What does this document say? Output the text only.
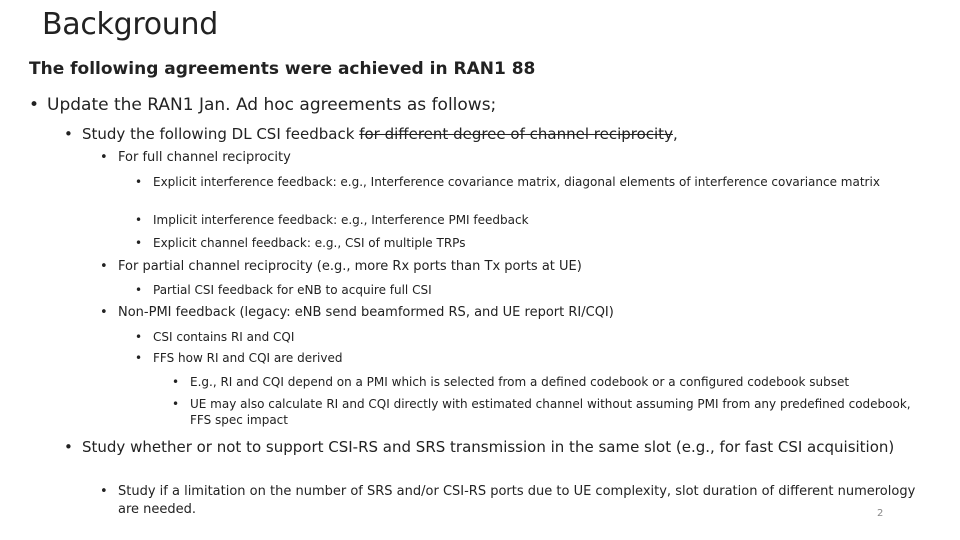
Background

The following agreements were achieved in RAN1 88

• Update the RAN1 Jan. Ad hoc agreements as follows;
• Study the following DL CSI feedback for different degree of channel reciprocity,
• For full channel reciprocity
• Explicit interference feedback: e.g., Interference covariance matrix, diagonal elements of interference covariance matrix
• Implicit interference feedback: e.g., Interference PMI feedback
• Explicit channel feedback: e.g., CSI of multiple TRPs
• For partial channel reciprocity (e.g., more Rx ports than Tx ports at UE)
• Partial CSI feedback for eNB to acquire full CSI
• Non-PMI feedback (legacy: eNB send beamformed RS, and UE report RI/CQI)
• CSI contains RI and CQI
• FFS how RI and CQI are derived
• E.g., RI and CQI depend on a PMI which is selected from a defined codebook or a configured codebook subset
• UE may also calculate RI and CQI directly with estimated channel without assuming PMI from any predefined codebook, FFS spec impact
• Study whether or not to support CSI-RS and SRS transmission in the same slot (e.g., for fast CSI acquisition)
• Study if a limitation on the number of SRS and/or CSI-RS ports due to UE complexity, slot duration of different numerology are needed.	2
